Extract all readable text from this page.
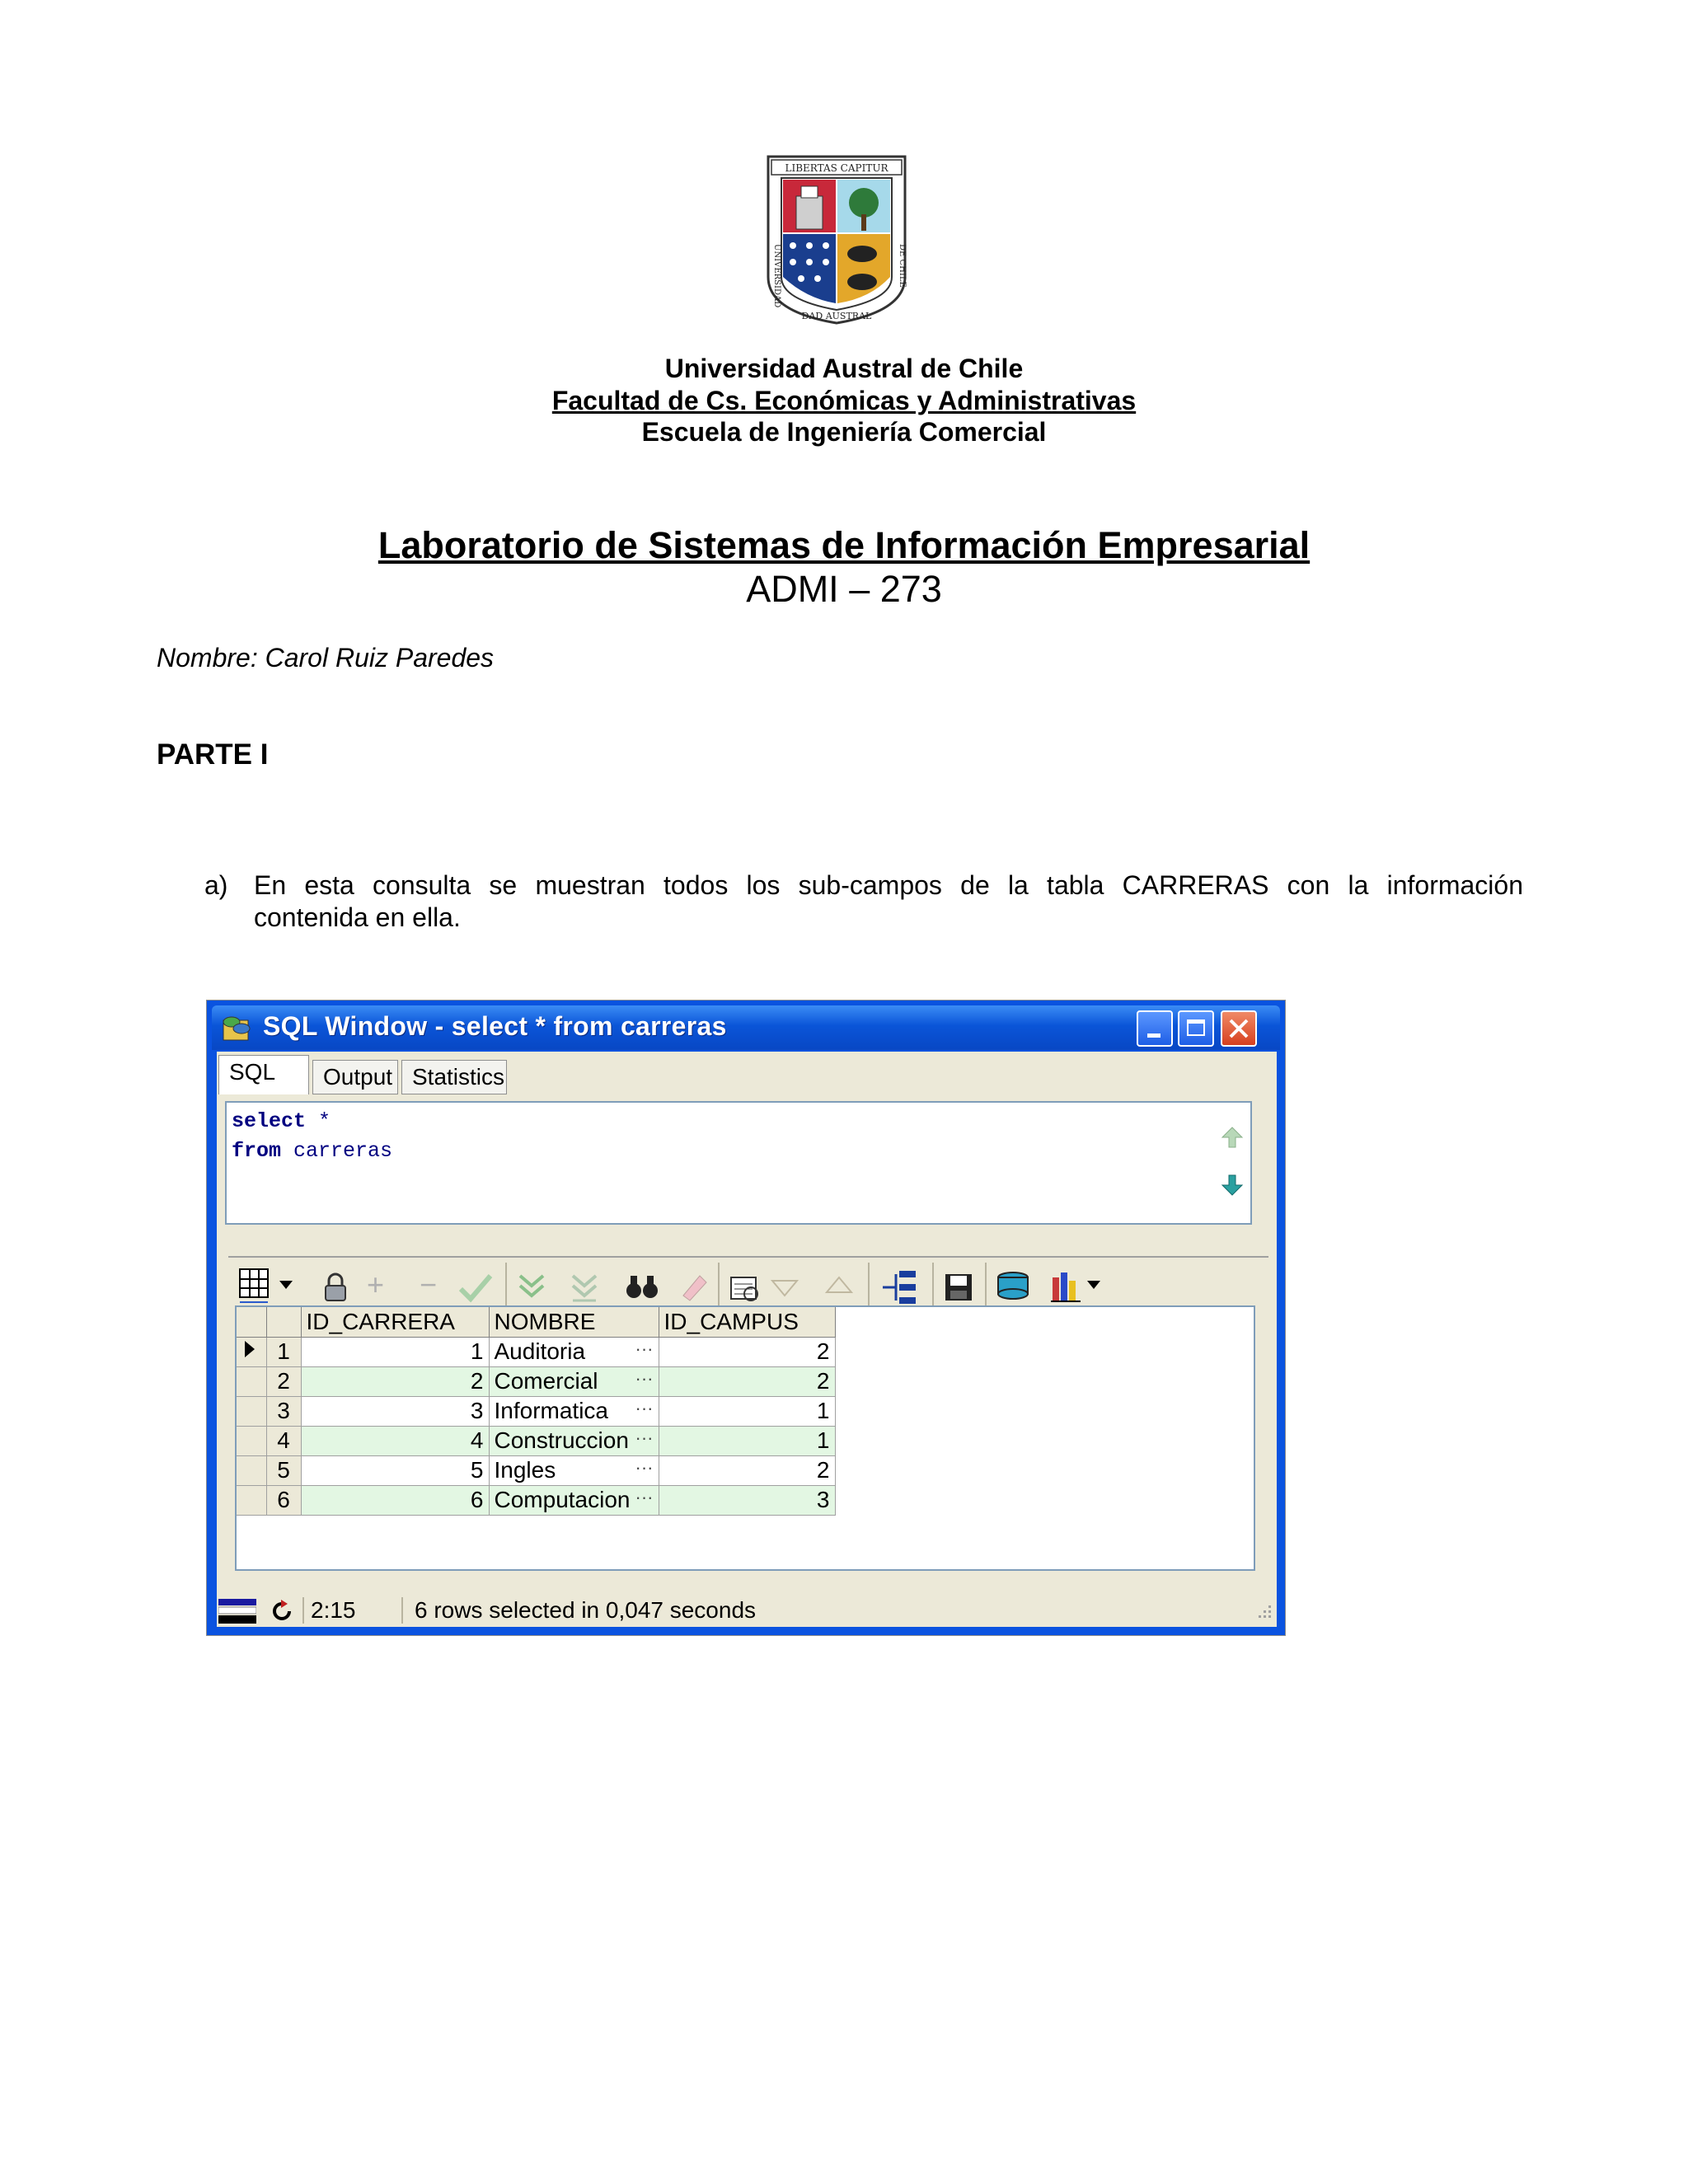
LIBERTAS CAPITUR
UNIVERSIDAD
DAD AUSTRAL
DE CHILE
Universidad Austral de Chile
Facultad de Cs. Económicas y Administrativas
Escuela de Ingeniería Comercial
Laboratorio de Sistemas de Información Empresarial
ADMI – 273
Nombre: Carol Ruiz Paredes
PARTE I
a) En esta consulta se muestran todos los sub-campos de la tabla CARRERAS con la información
contenida en ella.
SQL Window - select * from carreras
SQL	Output Statistics
select *
from carreras
+ −
		ID_CARRERA	NOMBRE	ID_CAMPUS
	1	1	Auditoria ···	2
	2	2	Comercial ···	2
	3	3	Informatica ···	1
	4	4	Construccion ···	1
	5	5	Ingles ···	2
	6	6	Computacion ···	3
2:15	6 rows selected in 0,047 seconds
